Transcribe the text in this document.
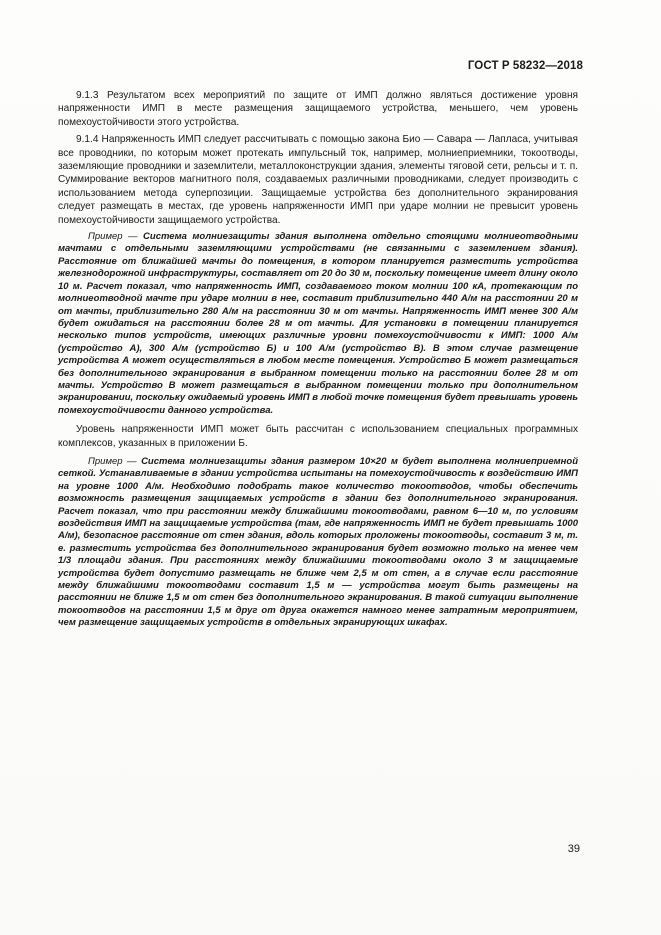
ГОСТ Р 58232—2018

9.1.3 Результатом всех мероприятий по защите от ИМП должно являться достижение уровня напряженности ИМП в месте размещения защищаемого устройства, меньшего, чем уровень помехоустойчивости этого устройства.

9.1.4 Напряженность ИМП следует рассчитывать с помощью закона Био — Савара — Лапласа, учитывая все проводники, по которым может протекать импульсный ток, например, молниеприемники, токоотводы, заземляющие проводники и заземлители, металлоконструкции здания, элементы тяговой сети, рельсы и т. п. Суммирование векторов магнитного поля, создаваемых различными проводниками, следует производить с использованием метода суперпозиции. Защищаемые устройства без дополнительного экранирования следует размещать в местах, где уровень напряженности ИМП при ударе молнии не превысит уровень помехоустойчивости защищаемого устройства.

Пример — Система молниезащиты здания выполнена отдельно стоящими молниеотводными мачтами с отдельными заземляющими устройствами (не связанными с заземлением здания). Расстояние от ближайшей мачты до помещения, в котором планируется разместить устройства железнодорожной инфраструктуры, составляет от 20 до 30 м, поскольку помещение имеет длину около 10 м. Расчет показал, что напряженность ИМП, создаваемого током молнии 100 кА, протекающим по молниеотводной мачте при ударе молнии в нее, составит приблизительно 440 А/м на расстоянии 20 м от мачты, приблизительно 280 А/м на расстоянии 30 м от мачты. Напряженность ИМП менее 300 А/м будет ожидаться на расстоянии более 28 м от мачты. Для установки в помещении планируется несколько типов устройств, имеющих различные уровни помехоустойчивости к ИМП: 1000 А/м (устройство А), 300 А/м (устройство Б) и 100 А/м (устройство В). В этом случае размещение устройства А может осуществляться в любом месте помещения. Устройство Б может размещаться без дополнительного экранирования в выбранном помещении только на расстоянии более 28 м от мачты. Устройство В может размещаться в выбранном помещении только при дополнительном экранировании, поскольку ожидаемый уровень ИМП в любой точке помещения будет превышать уровень помехоустойчивости данного устройства.

Уровень напряженности ИМП может быть рассчитан с использованием специальных программных комплексов, указанных в приложении Б.

Пример — Система молниезащиты здания размером 10×20 м будет выполнена молниеприемной сеткой. Устанавливаемые в здании устройства испытаны на помехоустойчивость к воздействию ИМП на уровне 1000 А/м. Необходимо подобрать такое количество токоотводов, чтобы обеспечить возможность размещения защищаемых устройств в здании без дополнительного экранирования. Расчет показал, что при расстоянии между ближайшими токоотводами, равном 6—10 м, по условиям воздействия ИМП на защищаемые устройства (там, где напряженность ИМП не будет превышать 1000 А/м), безопасное расстояние от стен здания, вдоль которых проложены токоотводы, составит 3 м, т. е. разместить устройства без дополнительного экранирования будет возможно только на менее чем 1/3 площади здания. При расстояниях между ближайшими токоотводами около 3 м защищаемые устройства будет допустимо размещать не ближе чем 2,5 м от стен, а в случае если расстояние между ближайшими токоотводами составит 1,5 м — устройства могут быть размещены на расстоянии не ближе 1,5 м от стен без дополнительного экранирования. В такой ситуации выполнение токоотводов на расстоянии 1,5 м друг от друга окажется намного менее затратным мероприятием, чем размещение защищаемых устройств в отдельных экранирующих шкафах.

39
